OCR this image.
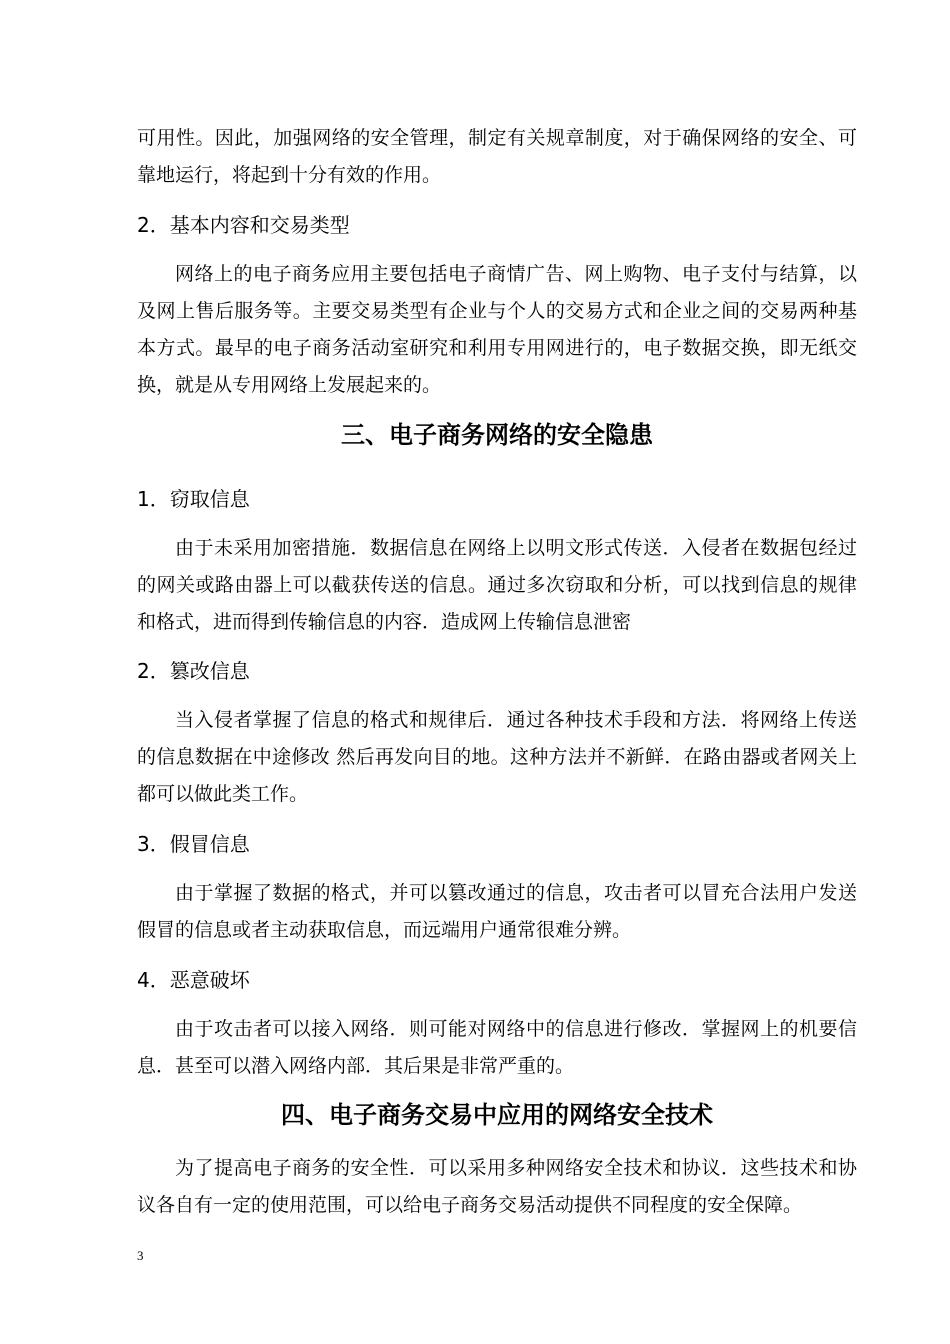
可用性。因此，加强网络的安全管理，制定有关规章制度，对于确保网络的安全、可靠地运行，将起到十分有效的作用。
2．基本内容和交易类型
网络上的电子商务应用主要包括电子商情广告、网上购物、电子支付与结算，以及网上售后服务等。主要交易类型有企业与个人的交易方式和企业之间的交易两种基本方式。最早的电子商务活动室研究和利用专用网进行的，电子数据交换，即无纸交换，就是从专用网络上发展起来的。
三、电子商务网络的安全隐患
1．窃取信息
由于未采用加密措施．数据信息在网络上以明文形式传送．入侵者在数据包经过的网关或路由器上可以截获传送的信息。通过多次窃取和分析，可以找到信息的规律和格式，进而得到传输信息的内容．造成网上传输信息泄密
2．篡改信息
当入侵者掌握了信息的格式和规律后．通过各种技术手段和方法．将网络上传送的信息数据在中途修改 然后再发向目的地。这种方法并不新鲜．在路由器或者网关上都可以做此类工作。
3．假冒信息
由于掌握了数据的格式，并可以篡改通过的信息，攻击者可以冒充合法用户发送假冒的信息或者主动获取信息，而远端用户通常很难分辨。
4．恶意破坏
由于攻击者可以接入网络．则可能对网络中的信息进行修改．掌握网上的机要信息．甚至可以潜入网络内部．其后果是非常严重的。
四、电子商务交易中应用的网络安全技术
为了提高电子商务的安全性．可以采用多种网络安全技术和协议．这些技术和协议各自有一定的使用范围，可以给电子商务交易活动提供不同程度的安全保障。
3
